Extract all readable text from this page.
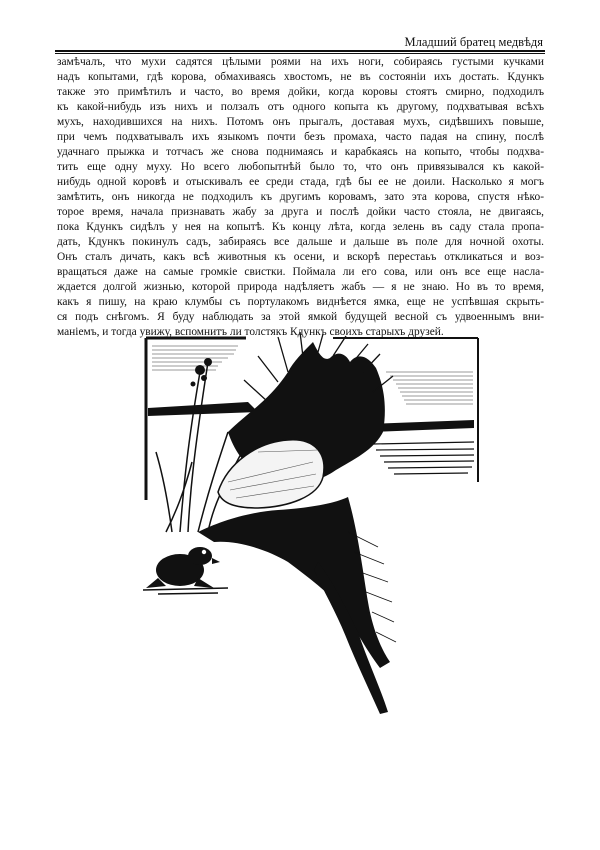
Младший братец медвѣдя
замѣчалъ, что мухи садятся цѣлыми роями на ихъ ноги, собираясь густыми кучками
надъ копытами, гдѣ корова, обмахиваясь хвостомъ, не въ состояніи ихъ достать. Кдункъ
также это примѣтилъ и часто, во время дойки, когда коровы стоятъ смирно, подходилъ
къ какой-нибудь изъ нихъ и ползалъ отъ одного копыта къ другому, подхватывая всѣхъ
мухъ, находившихся на нихъ. Потомъ онъ прыгалъ, доставая мухъ, сидѣвшихъ повыше,
при чемъ подхватывалъ ихъ языкомъ почти безъ промаха, часто падая на спину, послѣ
удачнаго прыжка и тотчасъ же снова поднимаясь и карабкаясь на копыто, чтобы подхва-
тить еще одну муху. Но всего любопытнѣй было то, что онъ привязывался къ какой-
нибудь одной коровѣ и отыскивалъ ее среди стада, гдѣ бы ее не доили. Насколько я могъ
замѣтить, онъ никогда не подходилъ къ другимъ коровамъ, зато эта корова, спустя нѣко-
торое время, начала признавать жабу за друга и послѣ дойки часто стояла, не двигаясь,
пока Кдункъ сидѣлъ у нея на копытѣ. Къ концу лѣта, когда зелень въ саду стала пропа-
дать, Кдункъ покинулъ садъ, забираясь все дальше и дальше въ поле для ночной охоты.
Онъ сталъ дичать, какъ всѣ животныя къ осени, и вскорѣ перестаьъ откликаться и воз-
вращаться даже на самые громкіе свистки. Поймала ли его сова, или онъ все еще насла-
ждается долгой жизнью, которой природа надѣляетъ жабъ — я не знаю. Но въ то время,
какъ я пишу, на краю клумбы съ портулакомъ виднѣется ямка, еще не успѣвшая скрыть-
ся подъ снѣгомъ. Я буду наблюдать за этой ямкой будущей весной съ удвоеннымъ вни-
маніемъ, и тогда увижу, вспомнитъ ли толстякъ Кдункъ своихъ старыхъ друзей.
